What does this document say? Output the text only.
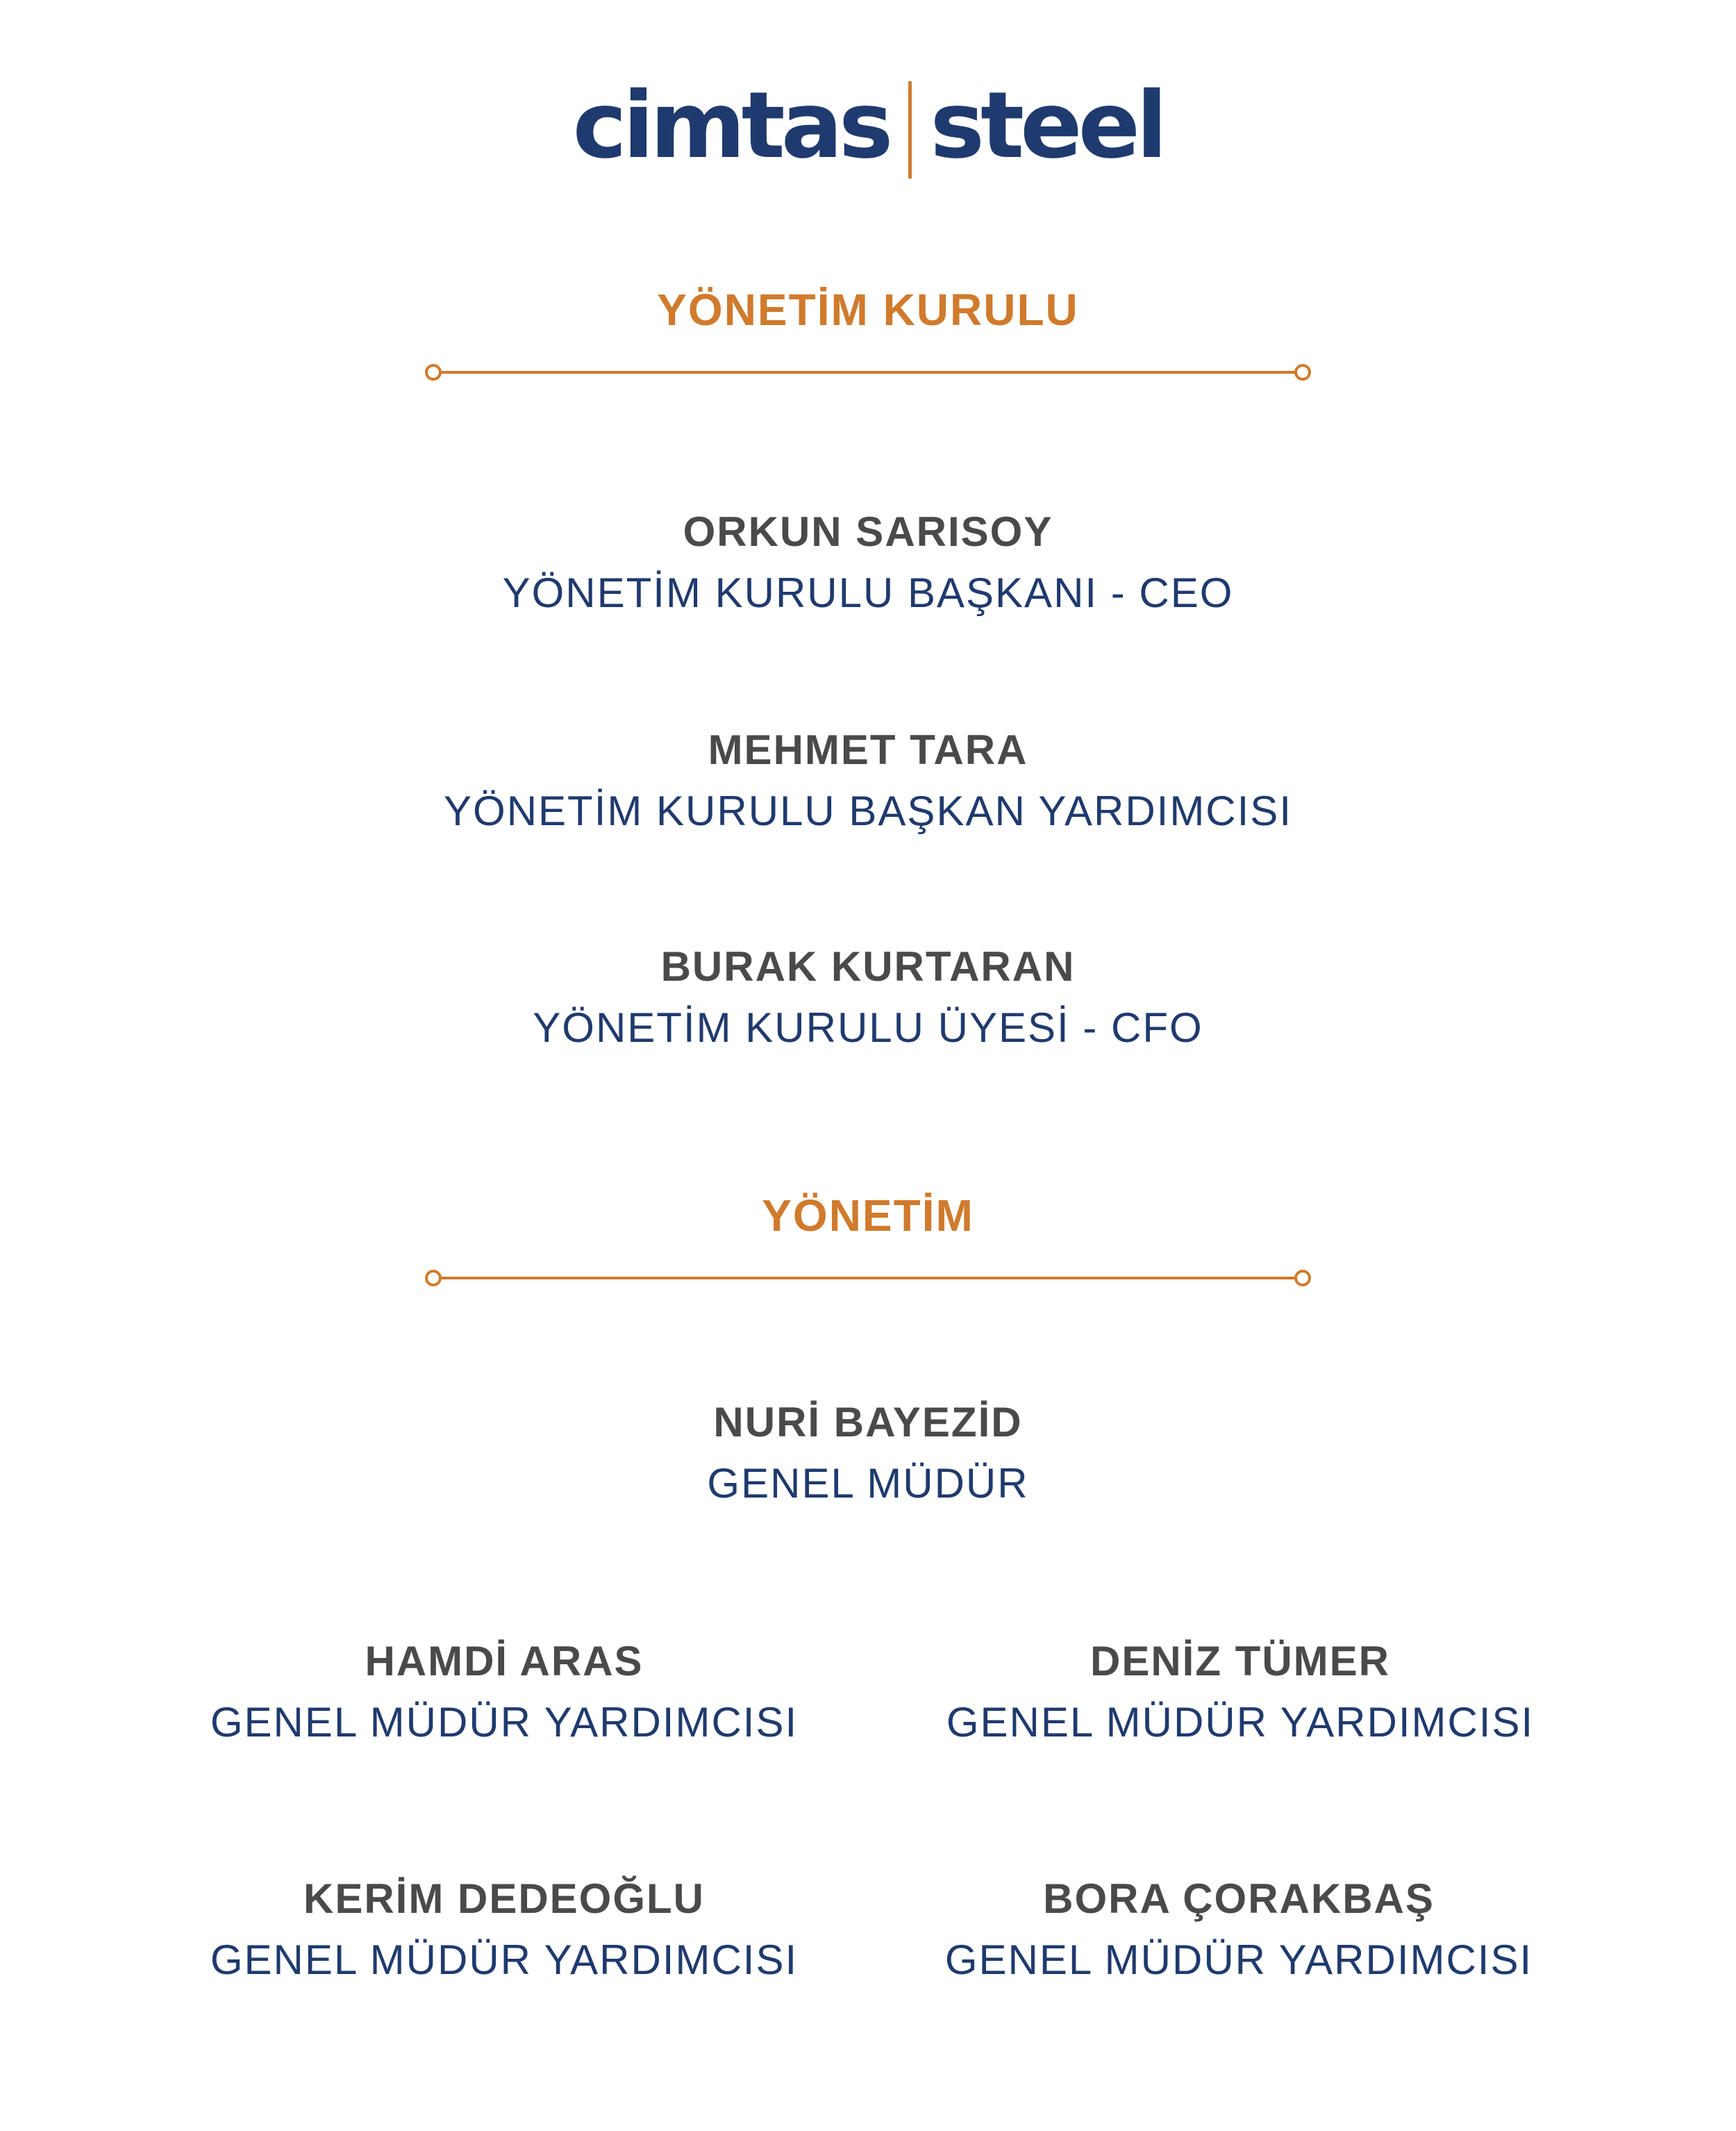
cimtas steel
YÖNETİM KURULU
ORKUN SARISOY
YÖNETİM KURULU BAŞKANI - CEO
MEHMET TARA
YÖNETİM KURULU BAŞKAN YARDIMCISI
BURAK KURTARAN
YÖNETİM KURULU ÜYESİ - CFO
YÖNETİM
NURİ BAYEZİD
GENEL MÜDÜR
HAMDİ ARAS
GENEL MÜDÜR YARDIMCISI
DENİZ TÜMER
GENEL MÜDÜR YARDIMCISI
KERİM DEDEOĞLU
GENEL MÜDÜR YARDIMCISI
BORA ÇORAKBAŞ
GENEL MÜDÜR YARDIMCISI
